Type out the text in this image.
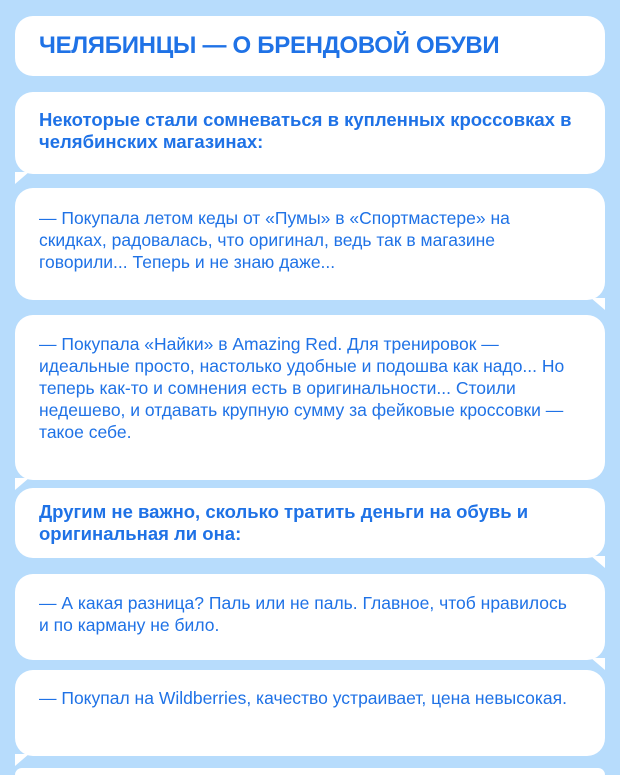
ЧЕЛЯБИНЦЫ — О БРЕНДОВОЙ ОБУВИ
Некоторые стали сомневаться в купленных кроссовках в челябинских магазинах:
— Покупала летом кеды от «Пумы» в «Спортмастере» на скидках, радовалась, что оригинал, ведь так в магазине говорили... Теперь и не знаю даже...
— Покупала «Найки» в Amazing Red. Для тренировок — идеальные просто, настолько удобные и подошва как надо... Но теперь как-то и сомнения есть в оригинальности... Стоили недешево, и отдавать крупную сумму за фейковые кроссовки — такое себе.
Другим не важно, сколько тратить деньги на обувь и оригинальная ли она:
— А какая разница? Паль или не паль. Главное, чтоб нравилось и по карману не било.
— Покупал на Wildberries, качество устраивает, цена невысокая.
